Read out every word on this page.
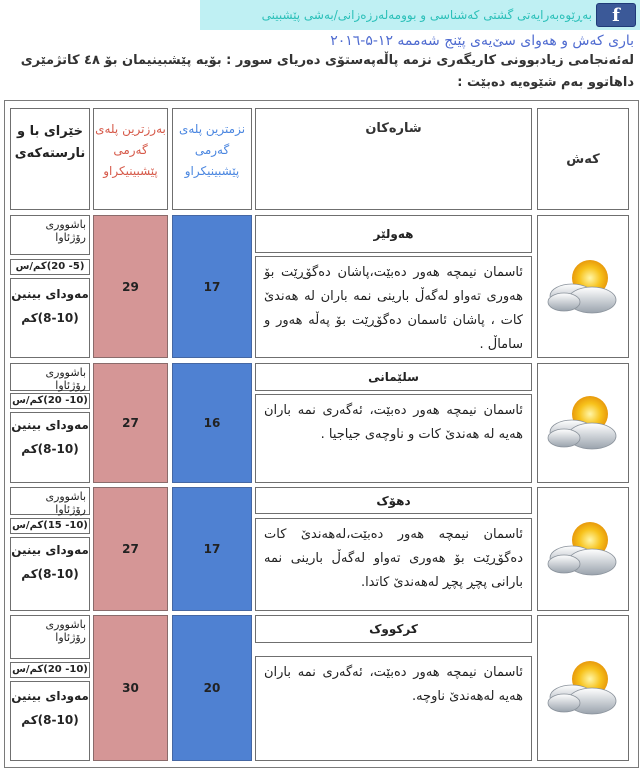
بەڕێوەبەرایەتی گشتی کەشناسی و بوومەلەرزەزانی/بەشی پێشبینی	f
باری کەش و هەوای سێ‌یەی پێنج شەممە ۱۲-۵-۲۰۱٦
لەئەنجامی زیادبوونی کاریگەری نزمە پاڵەپەستۆی دەریای سوور : بۆیە پێشبینیمان بۆ ٤٨ کاتژمێری داهاتوو بەم شێوەیە دەبێت :
کەش
شارەکان
نزمترین پلەی گەرمی پێشبینیکراو
بەرزترین پلەی گەرمی پێشبینیکراو
خێرای با و نارستەکەی
هەولێر
ئاسمان نیمچە هەور دەبێت،پاشان دەگۆڕێت بۆ هەوری تەواو لەگەڵ بارینی نمە باران لە هەندێ کات ، پاشان ئاسمان دەگۆڕێت بۆ پەڵە هەور و ساماڵ .
17
29
باشووری رۆژئاوا
(5- 20)کم/س
مەودای بینین (10-8)کم
سلێمانی
ئاسمان نیمچە هەور دەبێت، ئەگەری نمە باران هەیە لە هەندێ کات و ناوچەی جیاجیا .
16
27
باشووری رۆژئاوا
(10- 20)کم/س
مەودای بینین (10-8)کم
دهۆک
ئاسمان نیمچە هەور دەبێت،لەهەندێ کات دەگۆڕێت بۆ هەوری تەواو لەگەڵ بارینی نمە بارانی پچڕ پچڕ لەهەندێ کاتدا.
17
27
باشووری رۆژئاوا
(10- 15)کم/س
مەودای بینین (10-8)کم
کرکووک
ئاسمان نیمچە هەور دەبێت، ئەگەری نمە باران هەیە لەهەندێ ناوچە.
20
30
باشووری رۆژئاوا
(10- 20)کم/س
مەودای بینین (10-8)کم
